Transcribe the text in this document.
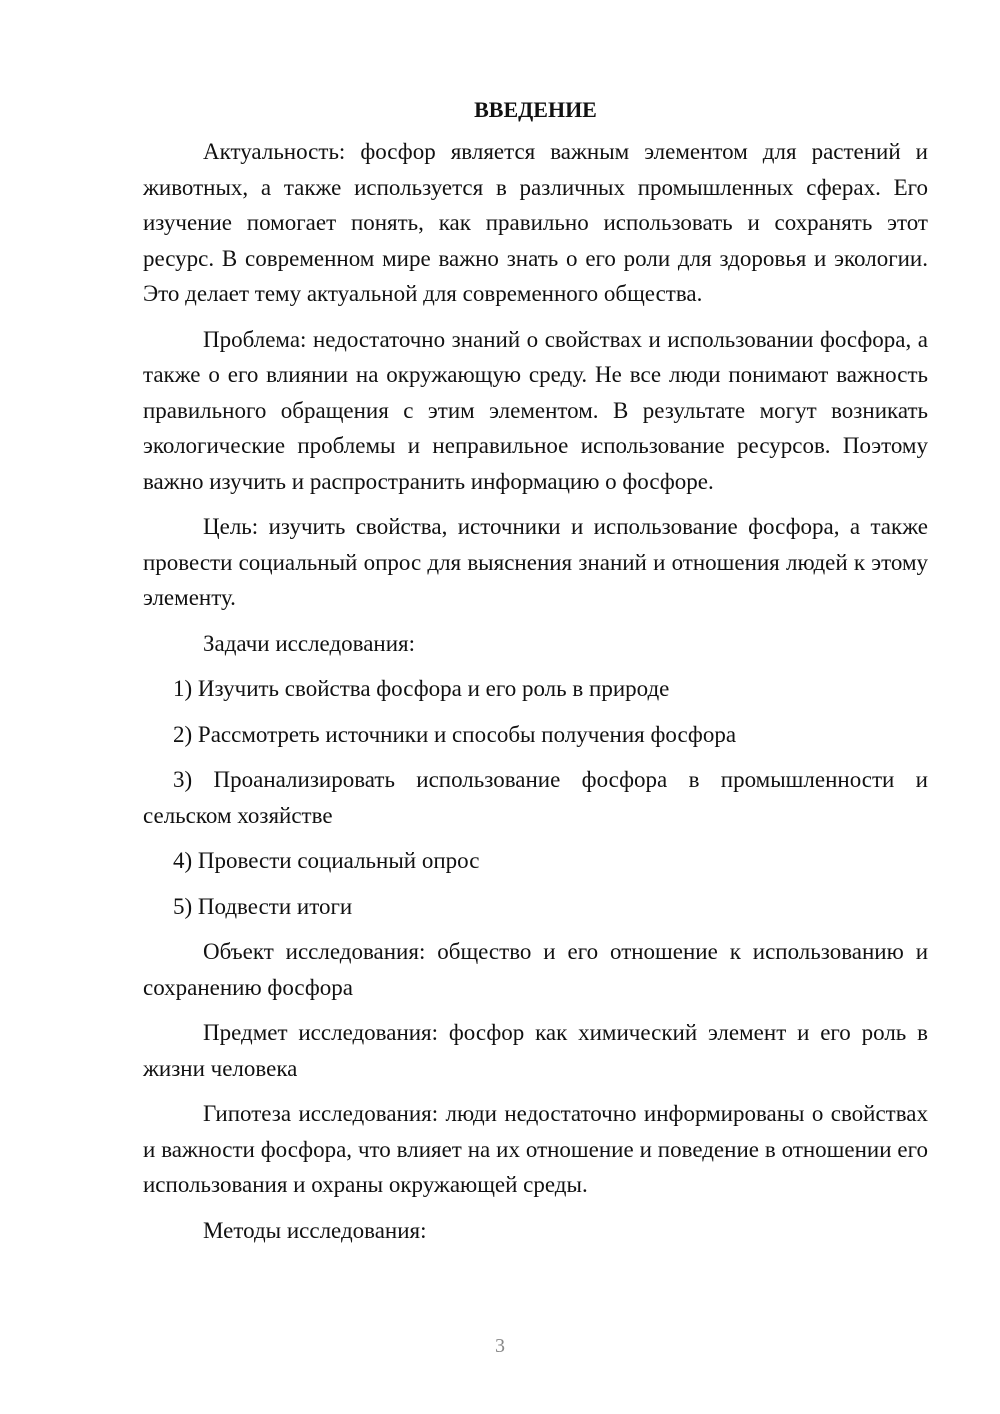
ВВЕДЕНИЕ

Актуальность: фосфор является важным элементом для растений и животных, а также используется в различных промышленных сферах. Его изучение помогает понять, как правильно использовать и сохранять этот ресурс. В современном мире важно знать о его роли для здоровья и экологии. Это делает тему актуальной для современного общества.

Проблема: недостаточно знаний о свойствах и использовании фосфора, а также о его влиянии на окружающую среду. Не все люди понимают важность правильного обращения с этим элементом. В результате могут возникать экологические проблемы и неправильное использование ресурсов. Поэтому важно изучить и распространить информацию о фосфоре.

Цель: изучить свойства, источники и использование фосфора, а также провести социальный опрос для выяснения знаний и отношения людей к этому элементу.

Задачи исследования:

1) Изучить свойства фосфора и его роль в природе

2) Рассмотреть источники и способы получения фосфора

3) Проанализировать использование фосфора в промышленности и сельском хозяйстве

4) Провести социальный опрос

5) Подвести итоги

Объект исследования: общество и его отношение к использованию и сохранению фосфора

Предмет исследования: фосфор как химический элемент и его роль в жизни человека

Гипотеза исследования: люди недостаточно информированы о свойствах и важности фосфора, что влияет на их отношение и поведение в отношении его использования и охраны окружающей среды.

Методы исследования:

3
